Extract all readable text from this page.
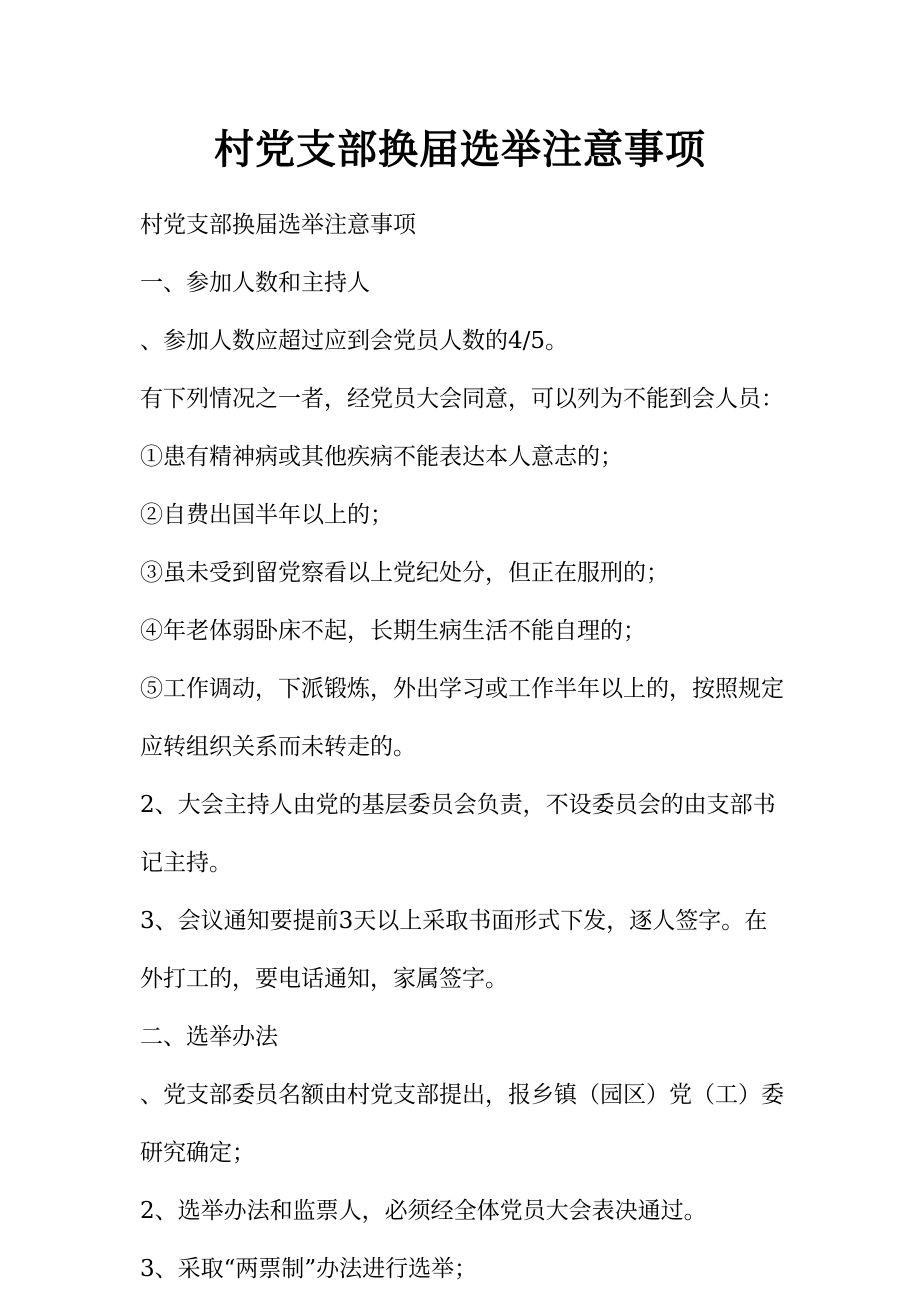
村党支部换届选举注意事项

村党支部换届选举注意事项

一、参加人数和主持人

、参加人数应超过应到会党员人数的4/5。

有下列情况之一者，经党员大会同意，可以列为不能到会人员：

①患有精神病或其他疾病不能表达本人意志的；

②自费出国半年以上的；

③虽未受到留党察看以上党纪处分，但正在服刑的；

④年老体弱卧床不起，长期生病生活不能自理的；

⑤工作调动，下派锻炼，外出学习或工作半年以上的，按照规定应转组织关系而未转走的。

2、大会主持人由党的基层委员会负责，不设委员会的由支部书记主持。

3、会议通知要提前3天以上采取书面形式下发，逐人签字。在外打工的，要电话通知，家属签字。

二、选举办法

、党支部委员名额由村党支部提出，报乡镇（园区）党（工）委研究确定；

2、选举办法和监票人，必须经全体党员大会表决通过。

3、采取“两票制”办法进行选举；
